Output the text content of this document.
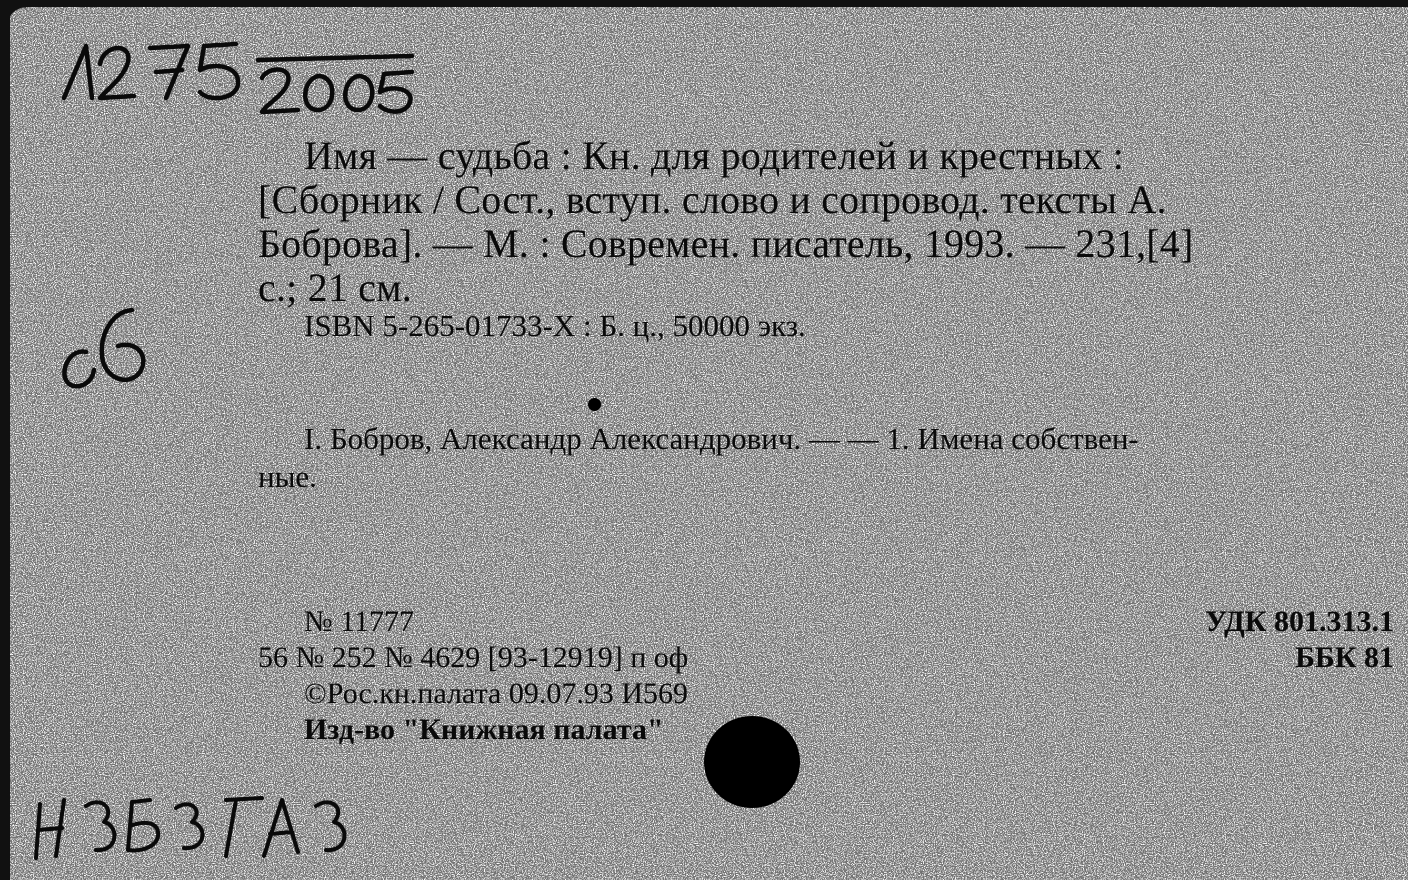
Имя — судьба : Кн. для родителей и крестных :
[Сборник / Сост., вступ. слово и сопровод. тексты А.
Боброва]. — М. : Современ. писатель, 1993. — 231,[4]
с.; 21 см.
ISBN 5-265-01733-X : Б. ц., 50000 экз.
I. Бобров, Александр Александрович. — — 1. Имена собствен-
ные.
№ 11777
56 № 252 № 4629 [93-12919] п оф
©Рос.кн.палата 09.07.93 И569
Изд-во "Книжная палата"
УДК 801.313.1
ББК 81
